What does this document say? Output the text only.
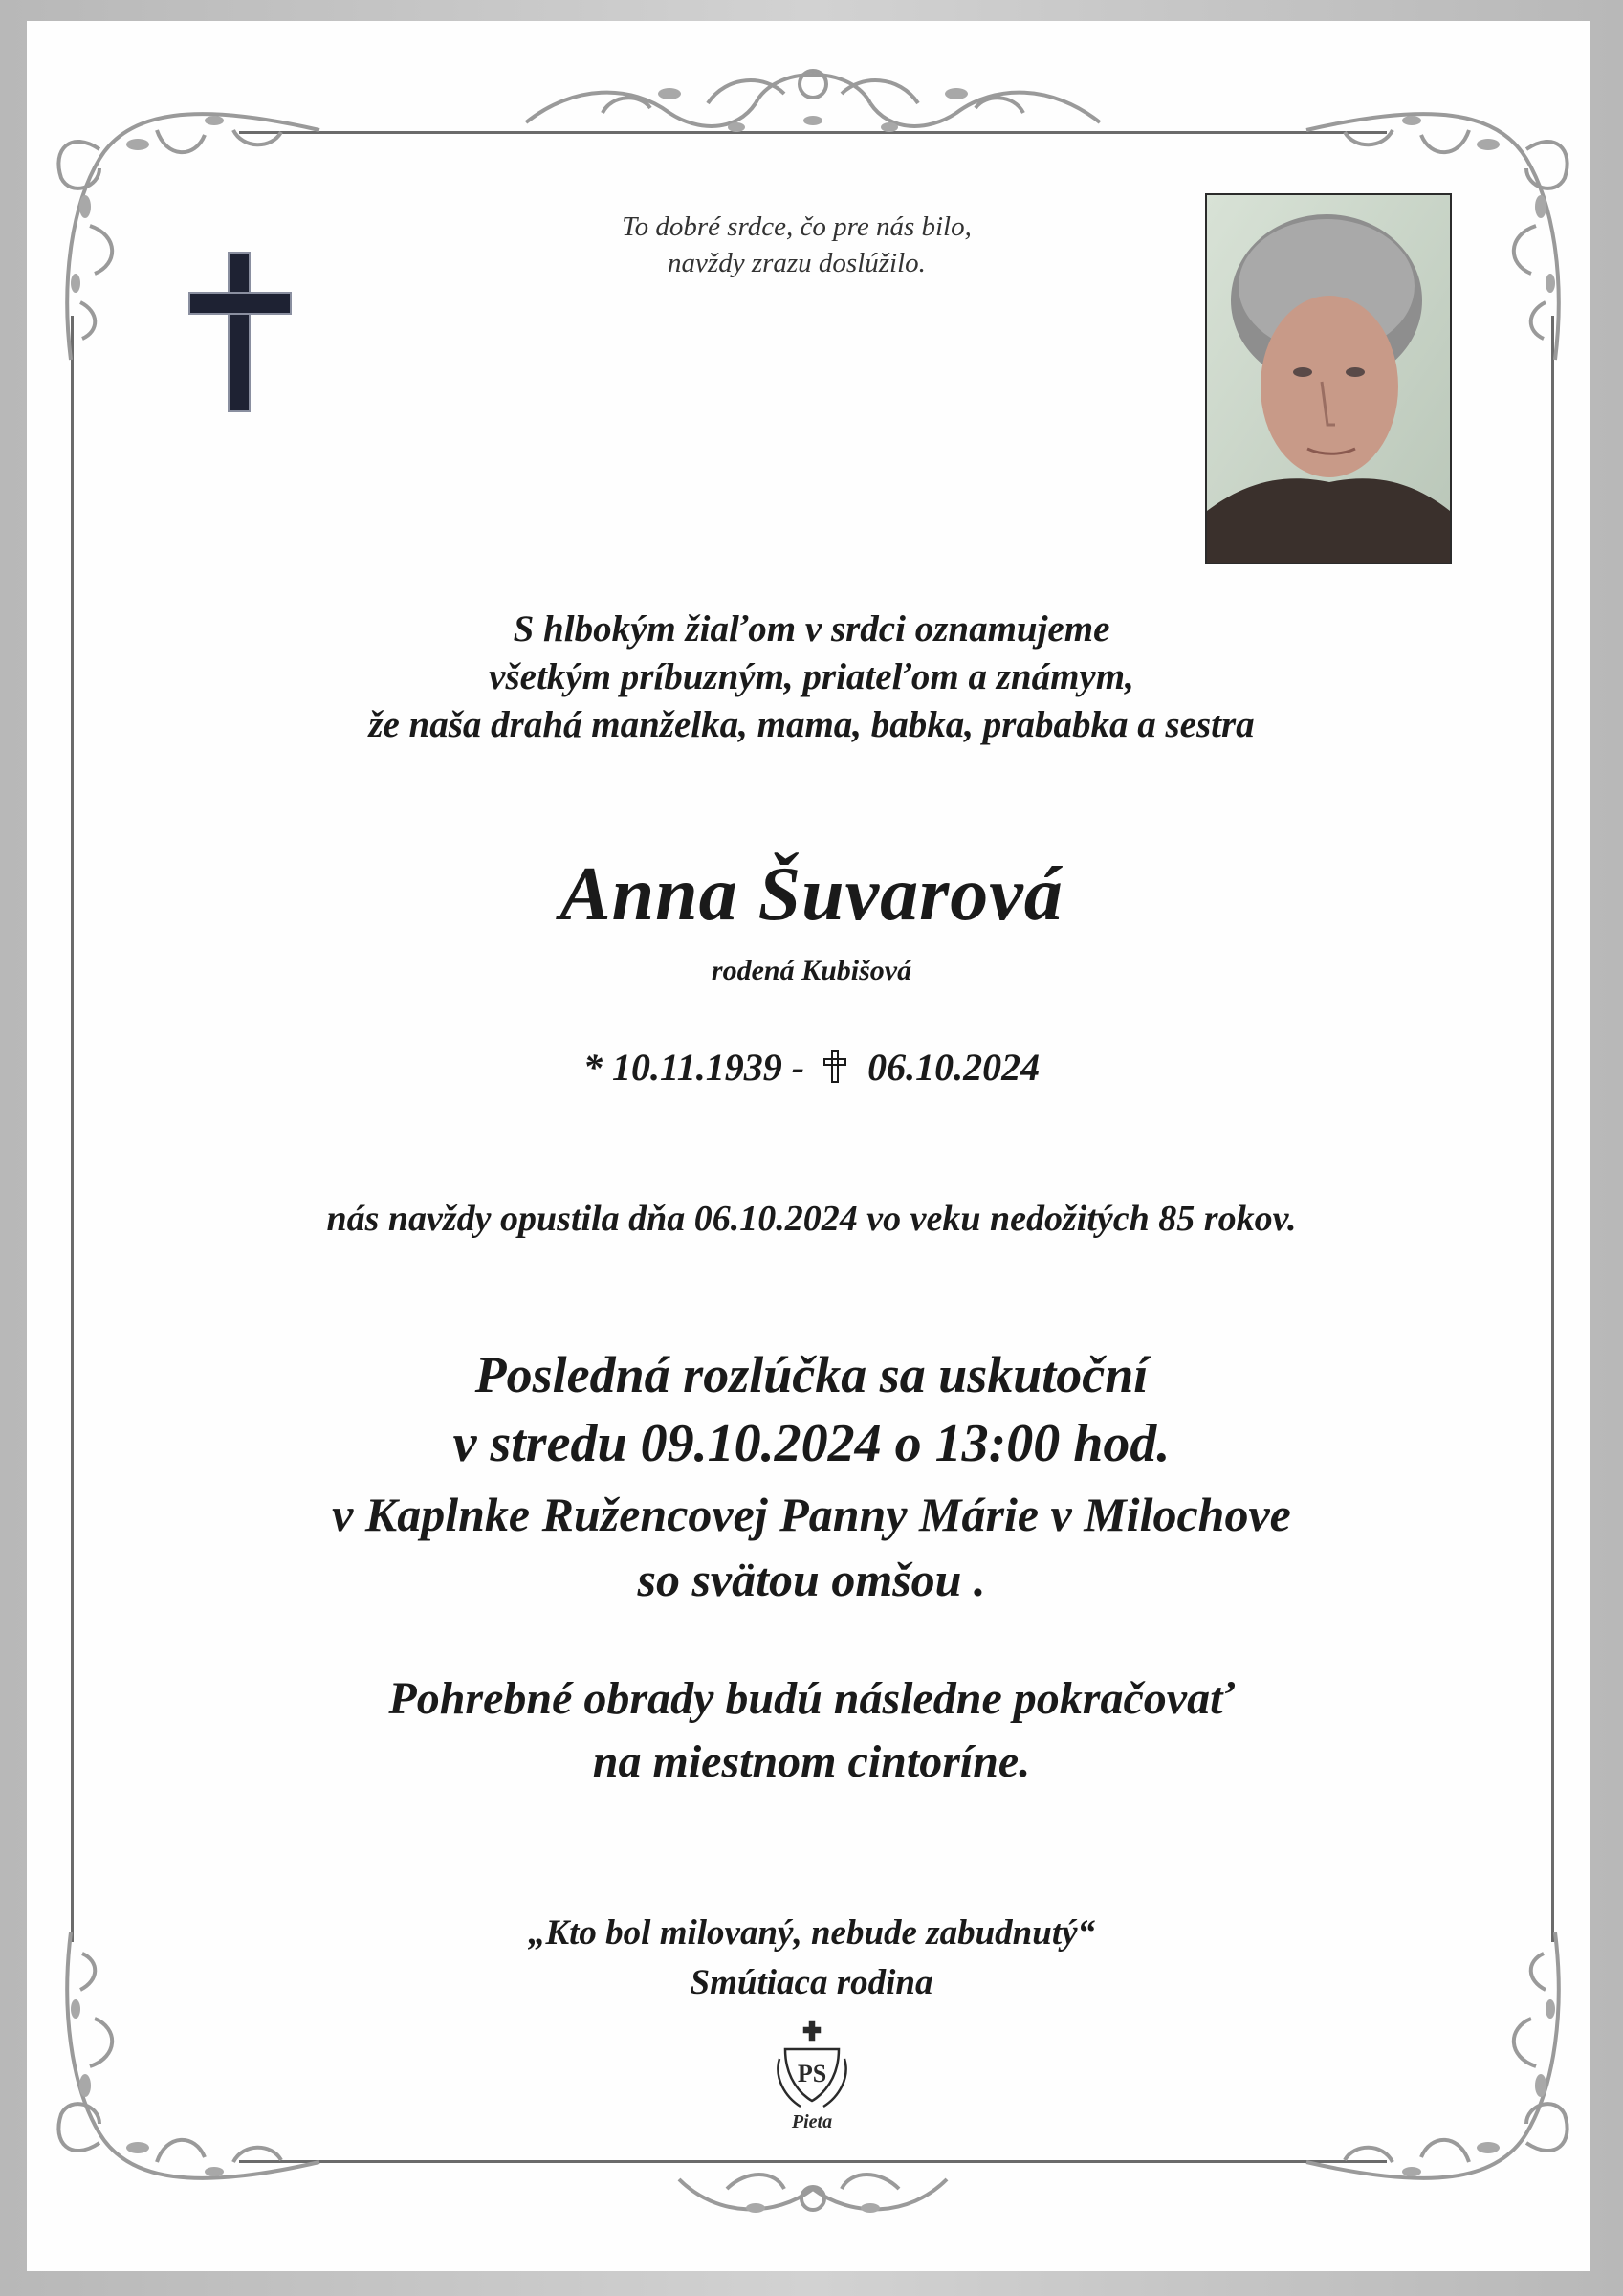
To dobré srdce, čo pre nás bilo,
navždy zrazu doslúžilo.
S hlbokým žiaľom v srdci oznamujeme
všetkým príbuzným, priateľom a známym,
že naša drahá manželka, mama, babka, prababka a sestra
Anna Šuvarová
rodená Kubišová
* 10.11.1939 - 06.10.2024
nás navždy opustila dňa 06.10.2024 vo veku nedožitých 85 rokov.
Posledná rozlúčka sa uskutoční
v stredu 09.10.2024 o 13:00 hod.
v Kaplnke Ružencovej Panny Márie v Milochove
so svätou omšou .
Pohrebné obrady budú následne pokračovať
na miestnom cintoríne.
„Kto bol milovaný, nebude zabudnutý“
Smútiaca rodina
PS
Pieta
